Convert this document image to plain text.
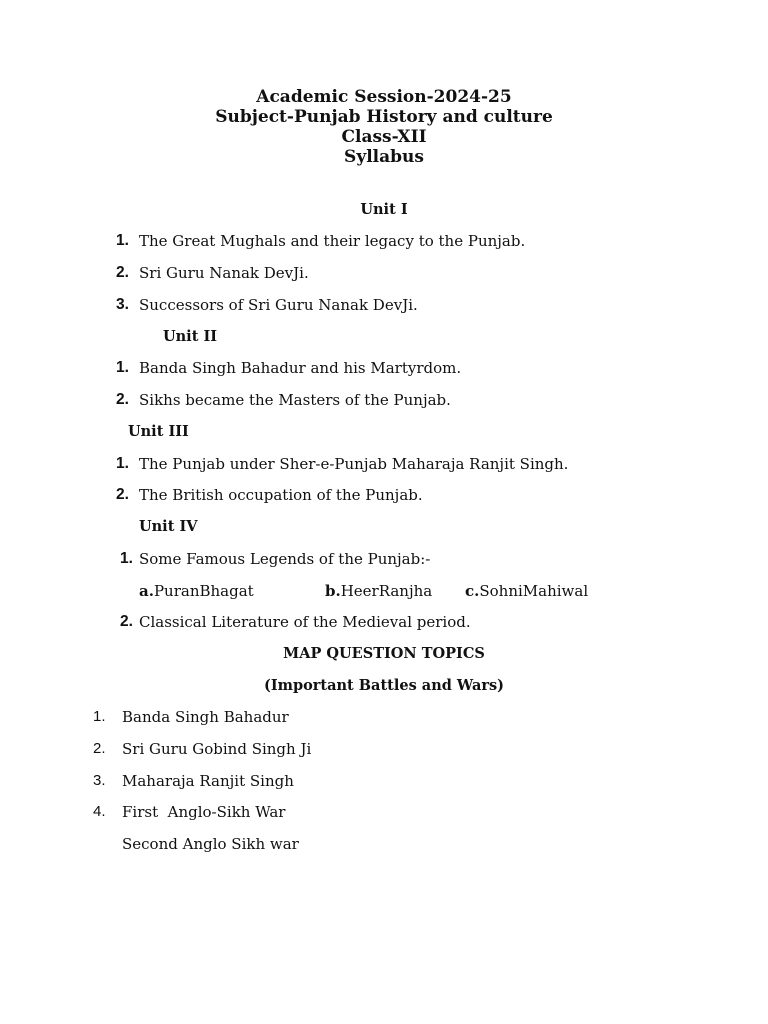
Academic Session-2024-25
Subject-Punjab History and culture
Class-XII
Syllabus
Unit I
1. The Great Mughals and their legacy to the Punjab.
2. Sri Guru Nanak DevJi.
3. Successors of Sri Guru Nanak DevJi.
Unit II
1. Banda Singh Bahadur and his Martyrdom.
2. Sikhs became the Masters of the Punjab.
Unit III
1. The Punjab under Sher-e-Punjab Maharaja Ranjit Singh.
2. The British occupation of the Punjab.
Unit IV
1. Some Famous Legends of the Punjab:-
a.PuranBhagat	b.HeerRanjha c.SohniMahiwal
2. Classical Literature of the Medieval period.
MAP QUESTION TOPICS
(Important Battles and Wars)
1. Banda Singh Bahadur
2. Sri Guru Gobind Singh Ji
3. Maharaja Ranjit Singh
4. First  Anglo-Sikh War
Second Anglo Sikh war
